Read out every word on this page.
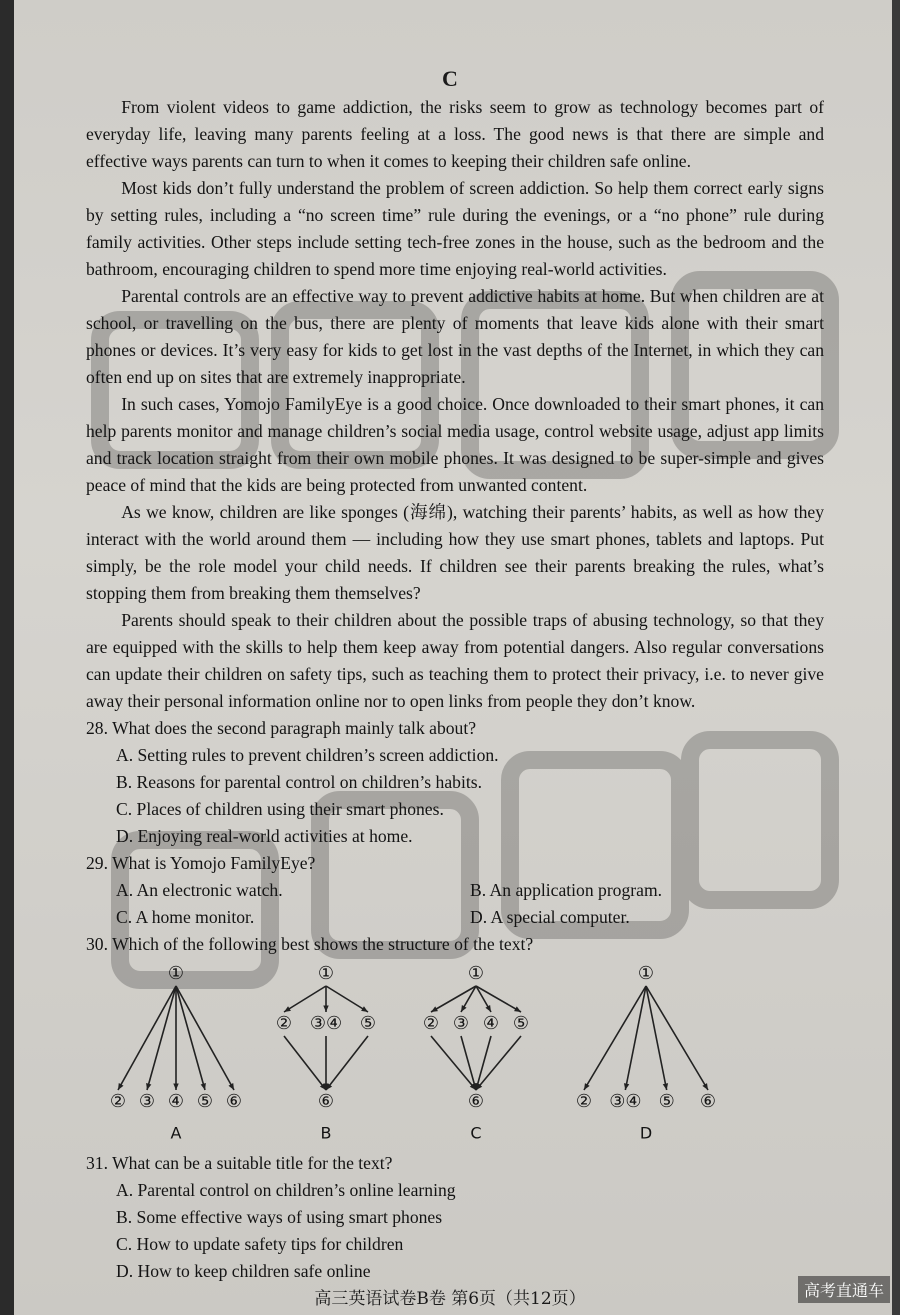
C

From violent videos to game addiction, the risks seem to grow as technology becomes part of everyday life, leaving many parents feeling at a loss. The good news is that there are simple and effective ways parents can turn to when it comes to keeping their children safe online.

Most kids don’t fully understand the problem of screen addiction. So help them correct early signs by setting rules, including a “no screen time” rule during the evenings, or a “no phone” rule during family activities. Other steps include setting tech-free zones in the house, such as the bedroom and the bathroom, encouraging children to spend more time enjoying real-world activities.

Parental controls are an effective way to prevent addictive habits at home. But when children are at school, or travelling on the bus, there are plenty of moments that leave kids alone with their smart phones or devices. It’s very easy for kids to get lost in the vast depths of the Internet, in which they can often end up on sites that are extremely inappropriate.

In such cases, Yomojo FamilyEye is a good choice. Once downloaded to their smart phones, it can help parents monitor and manage children’s social media usage, control website usage, adjust app limits and track location straight from their own mobile phones. It was designed to be super-simple and gives peace of mind that the kids are being protected from unwanted content.

As we know, children are like sponges (海绵), watching their parents’ habits, as well as how they interact with the world around them — including how they use smart phones, tablets and laptops. Put simply, be the role model your child needs. If children see their parents breaking the rules, what’s stopping them from breaking them themselves?

Parents should speak to their children about the possible traps of abusing technology, so that they are equipped with the skills to help them keep away from potential dangers. Also regular conversations can update their children on safety tips, such as teaching them to protect their privacy, i.e. to never give away their personal information online nor to open links from people they don’t know.

28. What does the second paragraph mainly talk about?
A. Setting rules to prevent children’s screen addiction.
B. Reasons for parental control on children’s habits.
C. Places of children using their smart phones.
D. Enjoying real-world activities at home.
29. What is Yomojo FamilyEye?
A. An electronic watch.	B. An application program.
C. A home monitor.	D. A special computer.
30. Which of the following best shows the structure of the text?
①
② ③ ④ ⑤ ⑥
A
①
② ③④ ⑤
⑥
B
①
② ③ ④ ⑤
⑥
C
①
② ③④ ⑤ ⑥
D
31. What can be a suitable title for the text?
A. Parental control on children’s online learning
B. Some effective ways of using smart phones
C. How to update safety tips for children
D. How to keep children safe online
高三英语试卷B卷 第6页（共12页）	高考直通车
